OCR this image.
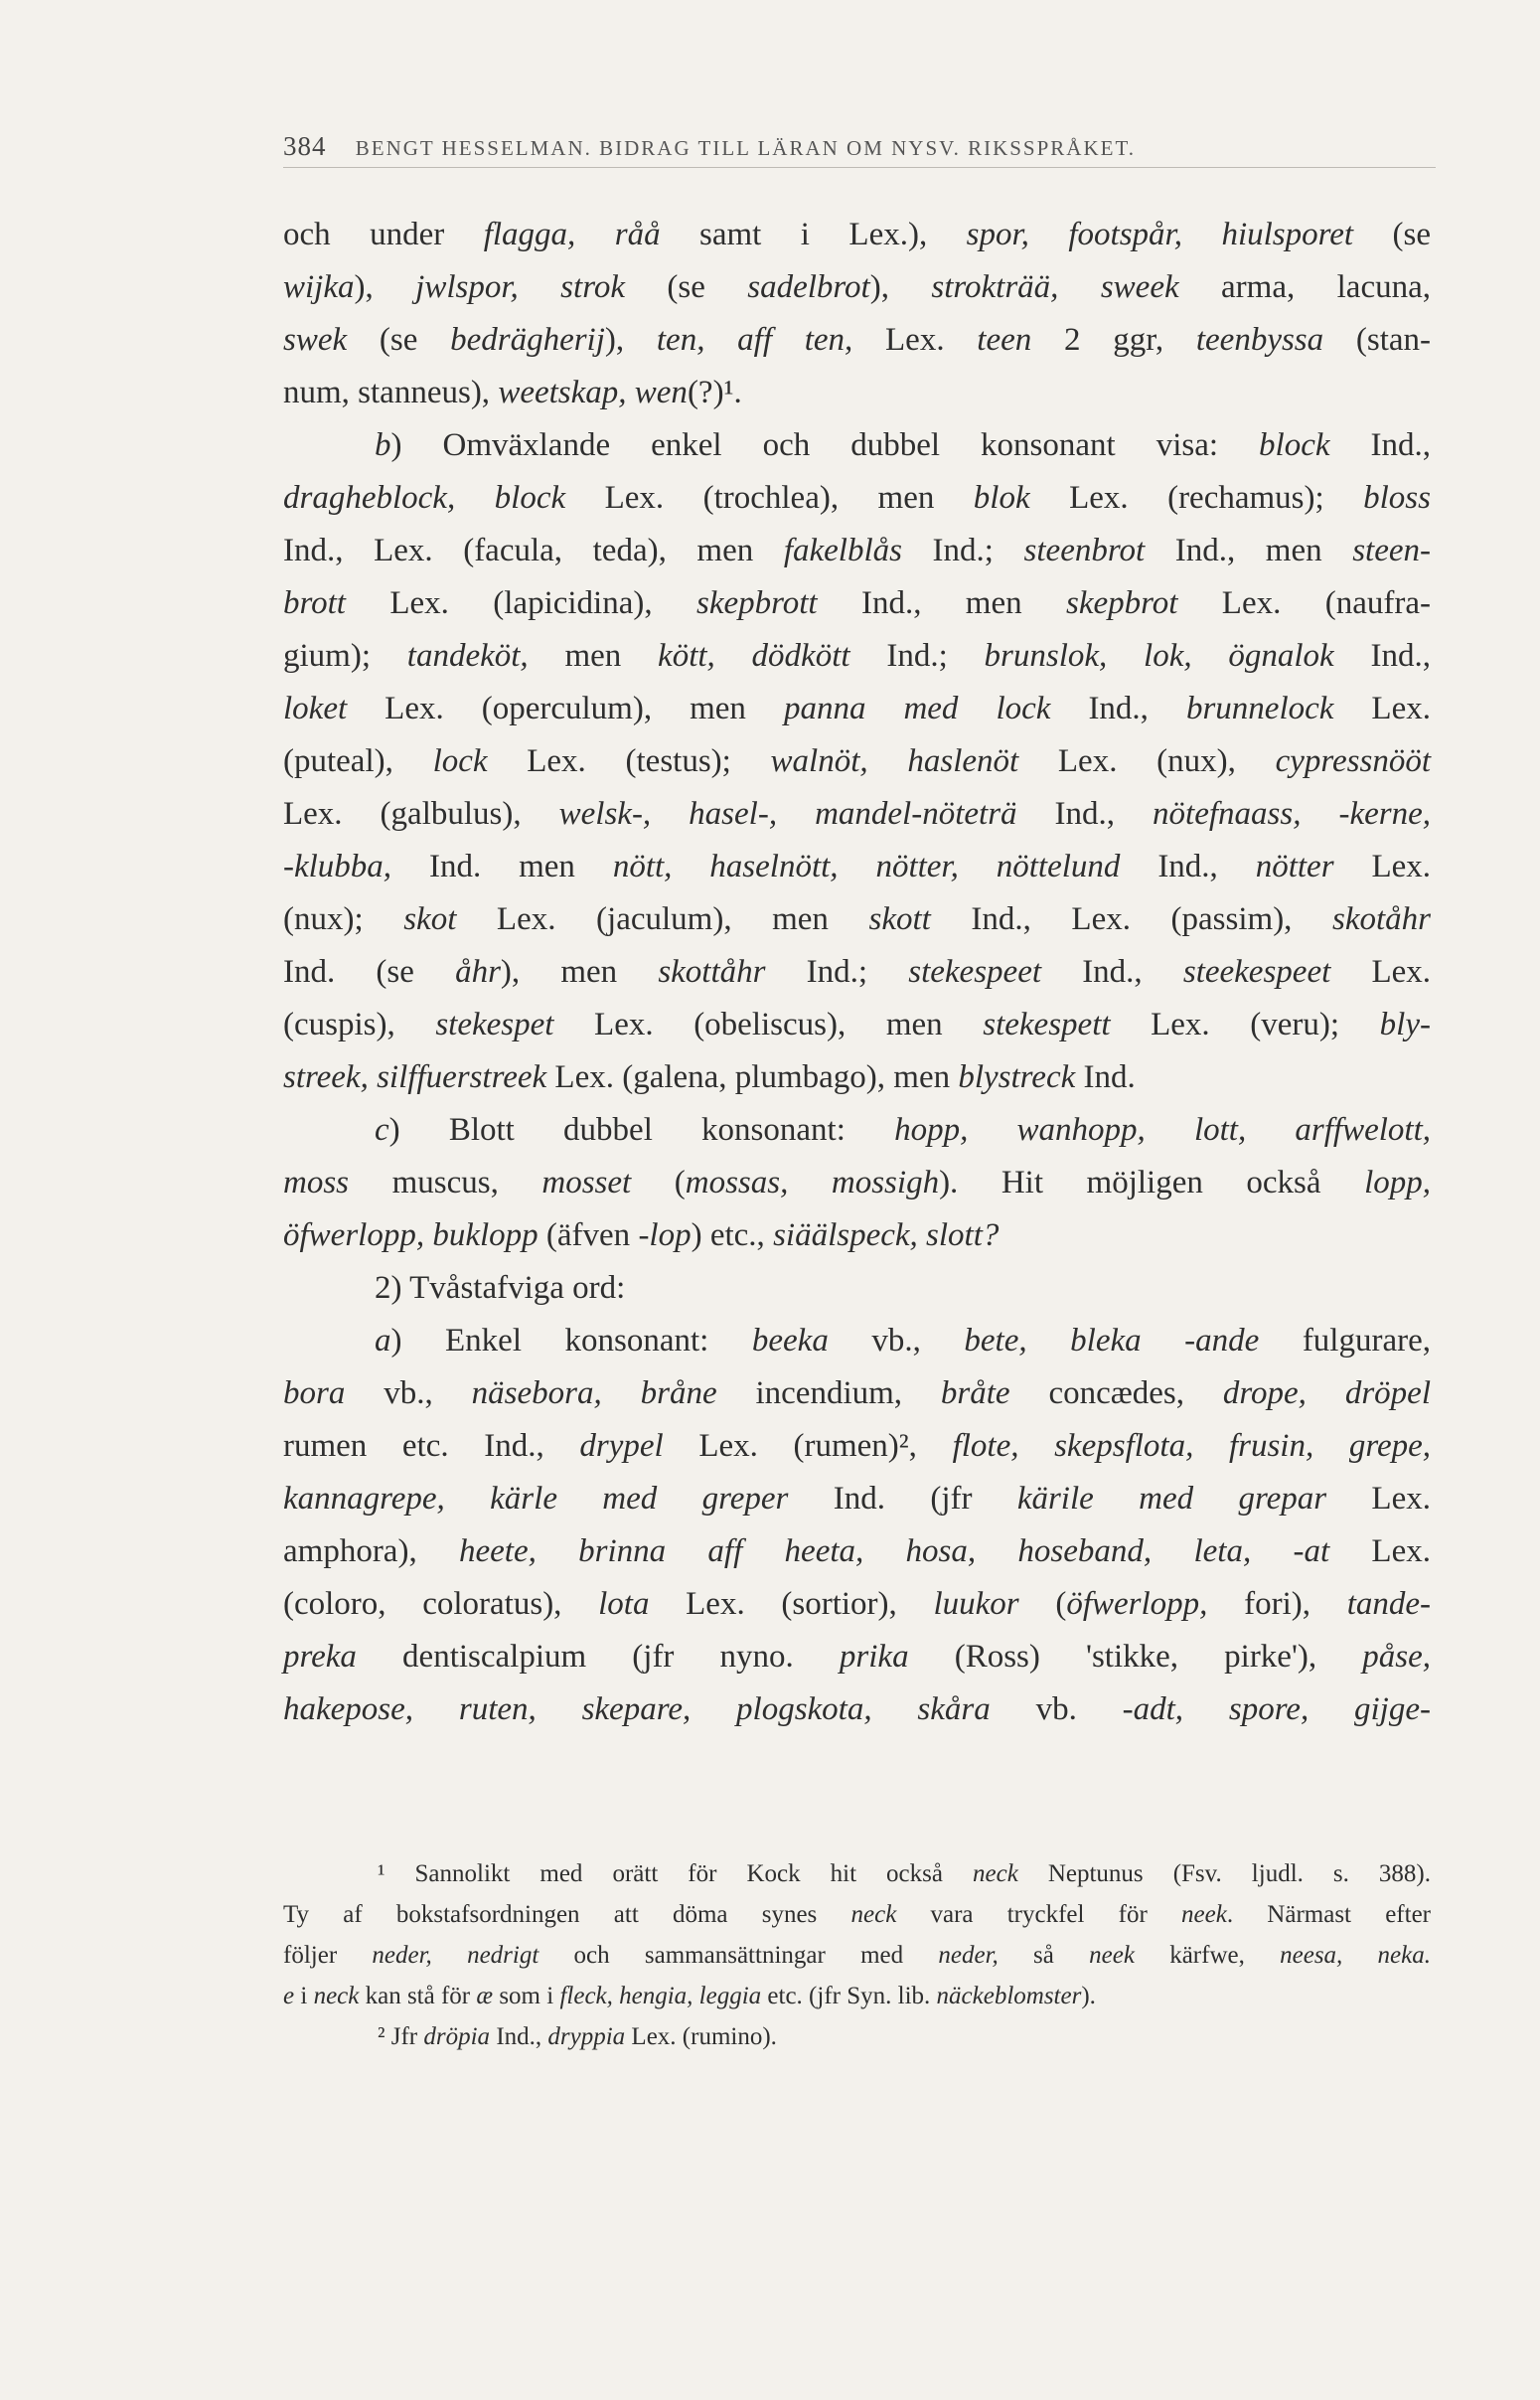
384 BENGT HESSELMAN. BIDRAG TILL LÄRAN OM NYSV. RIKSSPRÅKET.
och under flagga, råå samt i Lex.), spor, footspår, hiulsporet (se
wijka), jwlspor, strok (se sadelbrot), strokträä, sweek arma, lacuna,
swek (se bedrägherij), ten, aff ten, Lex. teen 2 ggr, teenbyssa (stan-
num, stanneus), weetskap, wen(?)¹.
b) Omväxlande enkel och dubbel konsonant visa: block Ind.,
dragheblock, block Lex. (trochlea), men blok Lex. (rechamus); bloss
Ind., Lex. (facula, teda), men fakelblås Ind.; steenbrot Ind., men steen-
brott Lex. (lapicidina), skepbrott Ind., men skepbrot Lex. (naufra-
gium); tandeköt, men kött, dödkött Ind.; brunslok, lok, ögnalok Ind.,
loket Lex. (operculum), men panna med lock Ind., brunnelock Lex.
(puteal), lock Lex. (testus); walnöt, haslenöt Lex. (nux), cypressnööt
Lex. (galbulus), welsk-, hasel-, mandel-nöteträ Ind., nötefnaass, -kerne,
-klubba, Ind. men nött, haselnött, nötter, nöttelund Ind., nötter Lex.
(nux); skot Lex. (jaculum), men skott Ind., Lex. (passim), skotåhr
Ind. (se åhr), men skottåhr Ind.; stekespeet Ind., steekespeet Lex.
(cuspis), stekespet Lex. (obeliscus), men stekespett Lex. (veru); bly-
streek, silffuerstreek Lex. (galena, plumbago), men blystreck Ind.
c) Blott dubbel konsonant: hopp, wanhopp, lott, arffwelott,
moss muscus, mosset (mossas, mossigh). Hit möjligen också lopp,
öfwerlopp, buklopp (äfven -lop) etc., siäälspeck, slott?
2) Tvåstafviga ord:
a) Enkel konsonant: beeka vb., bete, bleka -ande fulgurare,
bora vb., näsebora, bråne incendium, bråte concædes, drope, dröpel
rumen etc. Ind., drypel Lex. (rumen)², flote, skepsflota, frusin, grepe,
kannagrepe, kärle med greper Ind. (jfr kärile med grepar Lex.
amphora), heete, brinna aff heeta, hosa, hoseband, leta, -at Lex.
(coloro, coloratus), lota Lex. (sortior), luukor (öfwerlopp, fori), tande-
preka dentiscalpium (jfr nyno. prika (Ross) 'stikke, pirke'), påse,
hakepose, ruten, skepare, plogskota, skåra vb. -adt, spore, gijge-
¹ Sannolikt med orätt för Kock hit också neck Neptunus (Fsv. ljudl. s. 388).
Ty af bokstafsordningen att döma synes neck vara tryckfel för neek. Närmast efter
följer neder, nedrigt och sammansättningar med neder, så neek kärfwe, neesa, neka.
e i neck kan stå för æ som i fleck, hengia, leggia etc. (jfr Syn. lib. näckeblomster).
² Jfr dröpia Ind., dryppia Lex. (rumino).
